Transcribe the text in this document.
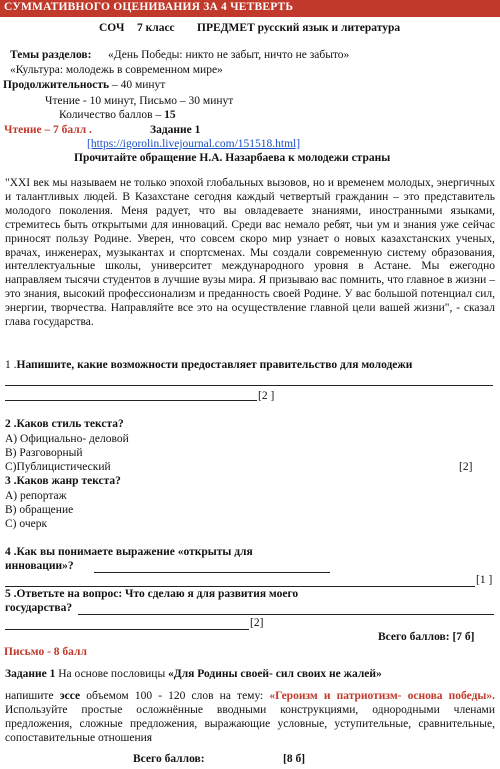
СУММАТИВНОГО ОЦЕНИВАНИЯ ЗА 4 ЧЕТВЕРТЬ
СОЧ 7 класс ПРЕДМЕТ русский язык и литература
Темы разделов: «День Победы: никто не забыт, ничто не забыто»
«Культура: молодежь в современном мире»
Продолжительность – 40 минут
Чтение - 10 минут, Письмо – 30 минут
Количество баллов – 15
Чтение – 7 балл .	Задание 1
[https://igorolin.livejournal.com/151518.html]
Прочитайте обращение Н.А. Назарбаева к молодежи страны
"XXI век мы называем не только эпохой глобальных вызовов, но и временем молодых, энергичных и талантливых людей. В Казахстане сегодня каждый четвертый гражданин – это представитель молодого поколения. Меня радует, что вы овладеваете знаниями, иностранными языками, стремитесь быть открытыми для инноваций. Среди вас немало ребят, чьи ум и знания уже сейчас приносят пользу Родине. Уверен, что совсем скоро мир узнает о новых казахстанских ученых, врачах, инженерах, музыкантах и спортсменах. Мы создали современную систему образования, интеллектуальные школы, университет международного уровня в Астане. Мы ежегодно направляем тысячи студентов в лучшие вузы мира. Я призываю вас помнить, что главное в жизни – это знания, высокий профессионализм и преданность своей Родине. У вас большой потенциал сил, энергии, творчества. Направляйте все это на осуществление главной цели вашей жизни", - сказал глава государства.
1 .Напишите, какие возможности предоставляет правительство для молодежи
[2 ]
2 .Каков стиль текста?
А) Официально- деловой
В) Разговорный
С)Публицистический	[2]
3 .Каков жанр текста?
А) репортаж
В) обращение
С) очерк
4 .Как вы понимаете выражение «открыты для
инновации»?
[1 ]
5 .Ответьте на вопрос: Что сделаю я для развития моего
государства?
[2]
Всего баллов: [7 б]
Письмо - 8 балл
Задание 1 На основе пословицы «Для Родины своей- сил своих не жалей»
напишите эссе объемом 100 - 120 слов на тему: «Героизм и патриотизм- основа победы». Используйте простые осложнённые вводными конструкциями, однородными членами предложения, сложные предложения, выражающие условные, уступительные, сравнительные, сопоставительные отношения
Всего баллов:	[8 б]
